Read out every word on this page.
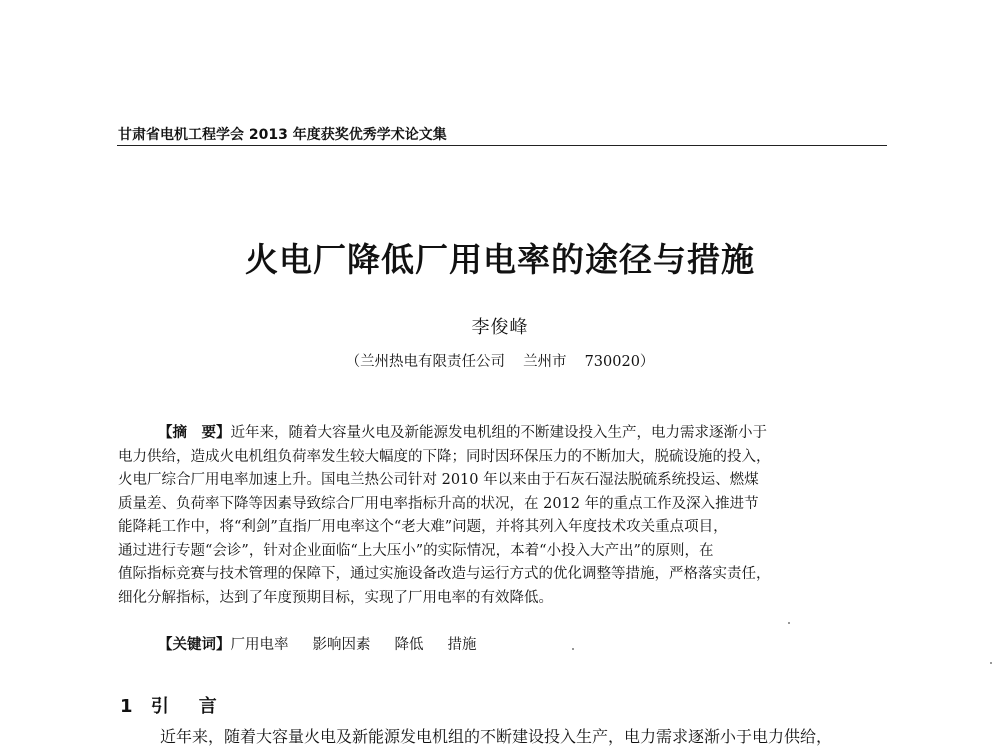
甘肃省电机工程学会 2013 年度获奖优秀学术论文集
火电厂降低厂用电率的途径与措施
李俊峰
（兰州热电有限责任公司 兰州市 730020）
【摘　要】近年来，随着大容量火电及新能源发电机组的不断建设投入生产，电力需求逐渐小于
电力供给，造成火电机组负荷率发生较大幅度的下降；同时因环保压力的不断加大，脱硫设施的投入，
火电厂综合厂用电率加速上升。国电兰热公司针对 2010 年以来由于石灰石湿法脱硫系统投运、燃煤
质量差、负荷率下降等因素导致综合厂用电率指标升高的状况，在 2012 年的重点工作及深入推进节
能降耗工作中，将“利剑”直指厂用电率这个“老大难”问题，并将其列入年度技术攻关重点项目，
通过进行专题“会诊”，针对企业面临“上大压小”的实际情况，本着“小投入大产出”的原则，在
值际指标竞赛与技术管理的保障下，通过实施设备改造与运行方式的优化调整等措施，严格落实责任，
细化分解指标，达到了年度预期目标，实现了厂用电率的有效降低。
【关键词】厂用电率 影响因素 降低 措施
1 引　言
近年来，随着大容量火电及新能源发电机组的不断建设投入生产，电力需求逐渐小于电力供给，
